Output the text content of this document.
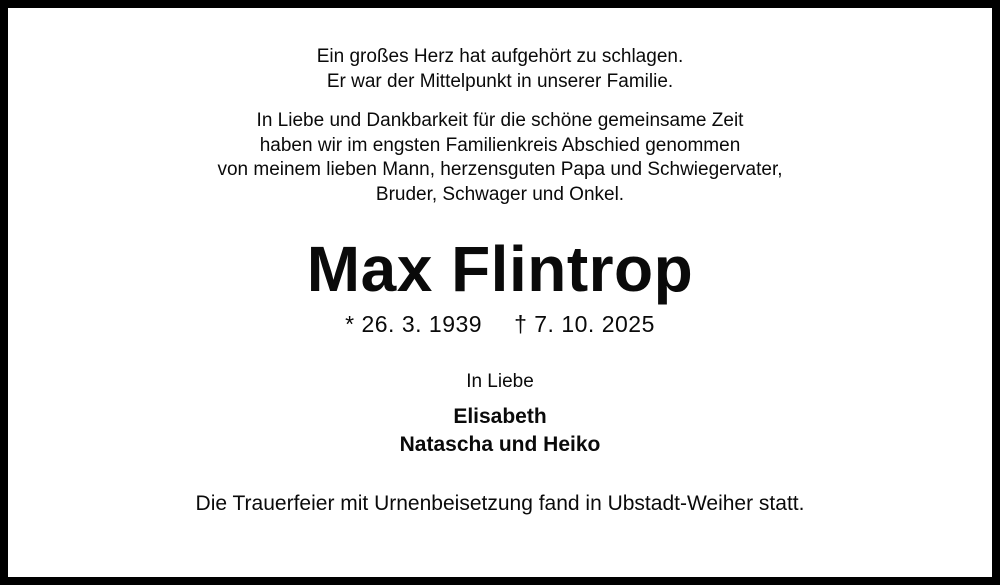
Ein großes Herz hat aufgehört zu schlagen.
Er war der Mittelpunkt in unserer Familie.
In Liebe und Dankbarkeit für die schöne gemeinsame Zeit
haben wir im engsten Familienkreis Abschied genommen
von meinem lieben Mann, herzensguten Papa und Schwiegervater,
Bruder, Schwager und Onkel.
Max Flintrop
* 26. 3. 1939 † 7. 10. 2025
In Liebe
Elisabeth
Natascha und Heiko
Die Trauerfeier mit Urnenbeisetzung fand in Ubstadt-Weiher statt.
